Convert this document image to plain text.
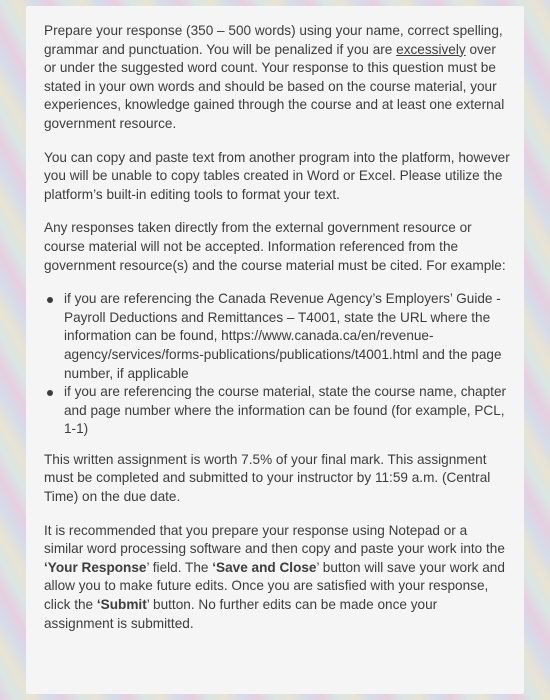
Prepare your response (350 – 500 words) using your name, correct spelling, grammar and punctuation. You will be penalized if you are excessively over or under the suggested word count. Your response to this question must be stated in your own words and should be based on the course material, your experiences, knowledge gained through the course and at least one external government resource.

You can copy and paste text from another program into the platform, however you will be unable to copy tables created in Word or Excel. Please utilize the platform’s built-in editing tools to format your text.

Any responses taken directly from the external government resource or course material will not be accepted. Information referenced from the government resource(s) and the course material must be cited. For example:

if you are referencing the Canada Revenue Agency’s Employers’ Guide - Payroll Deductions and Remittances – T4001, state the URL where the information can be found, https://www.canada.ca/en/revenue-agency/services/forms-publications/publications/t4001.html and the page number, if applicable
if you are referencing the course material, state the course name, chapter and page number where the information can be found (for example, PCL, 1-1)

This written assignment is worth 7.5% of your final mark. This assignment must be completed and submitted to your instructor by 11:59 a.m. (Central Time) on the due date.

It is recommended that you prepare your response using Notepad or a similar word processing software and then copy and paste your work into the ‘Your Response’ field. The ‘Save and Close’ button will save your work and allow you to make future edits. Once you are satisfied with your response, click the ‘Submit’ button. No further edits can be made once your assignment is submitted.
